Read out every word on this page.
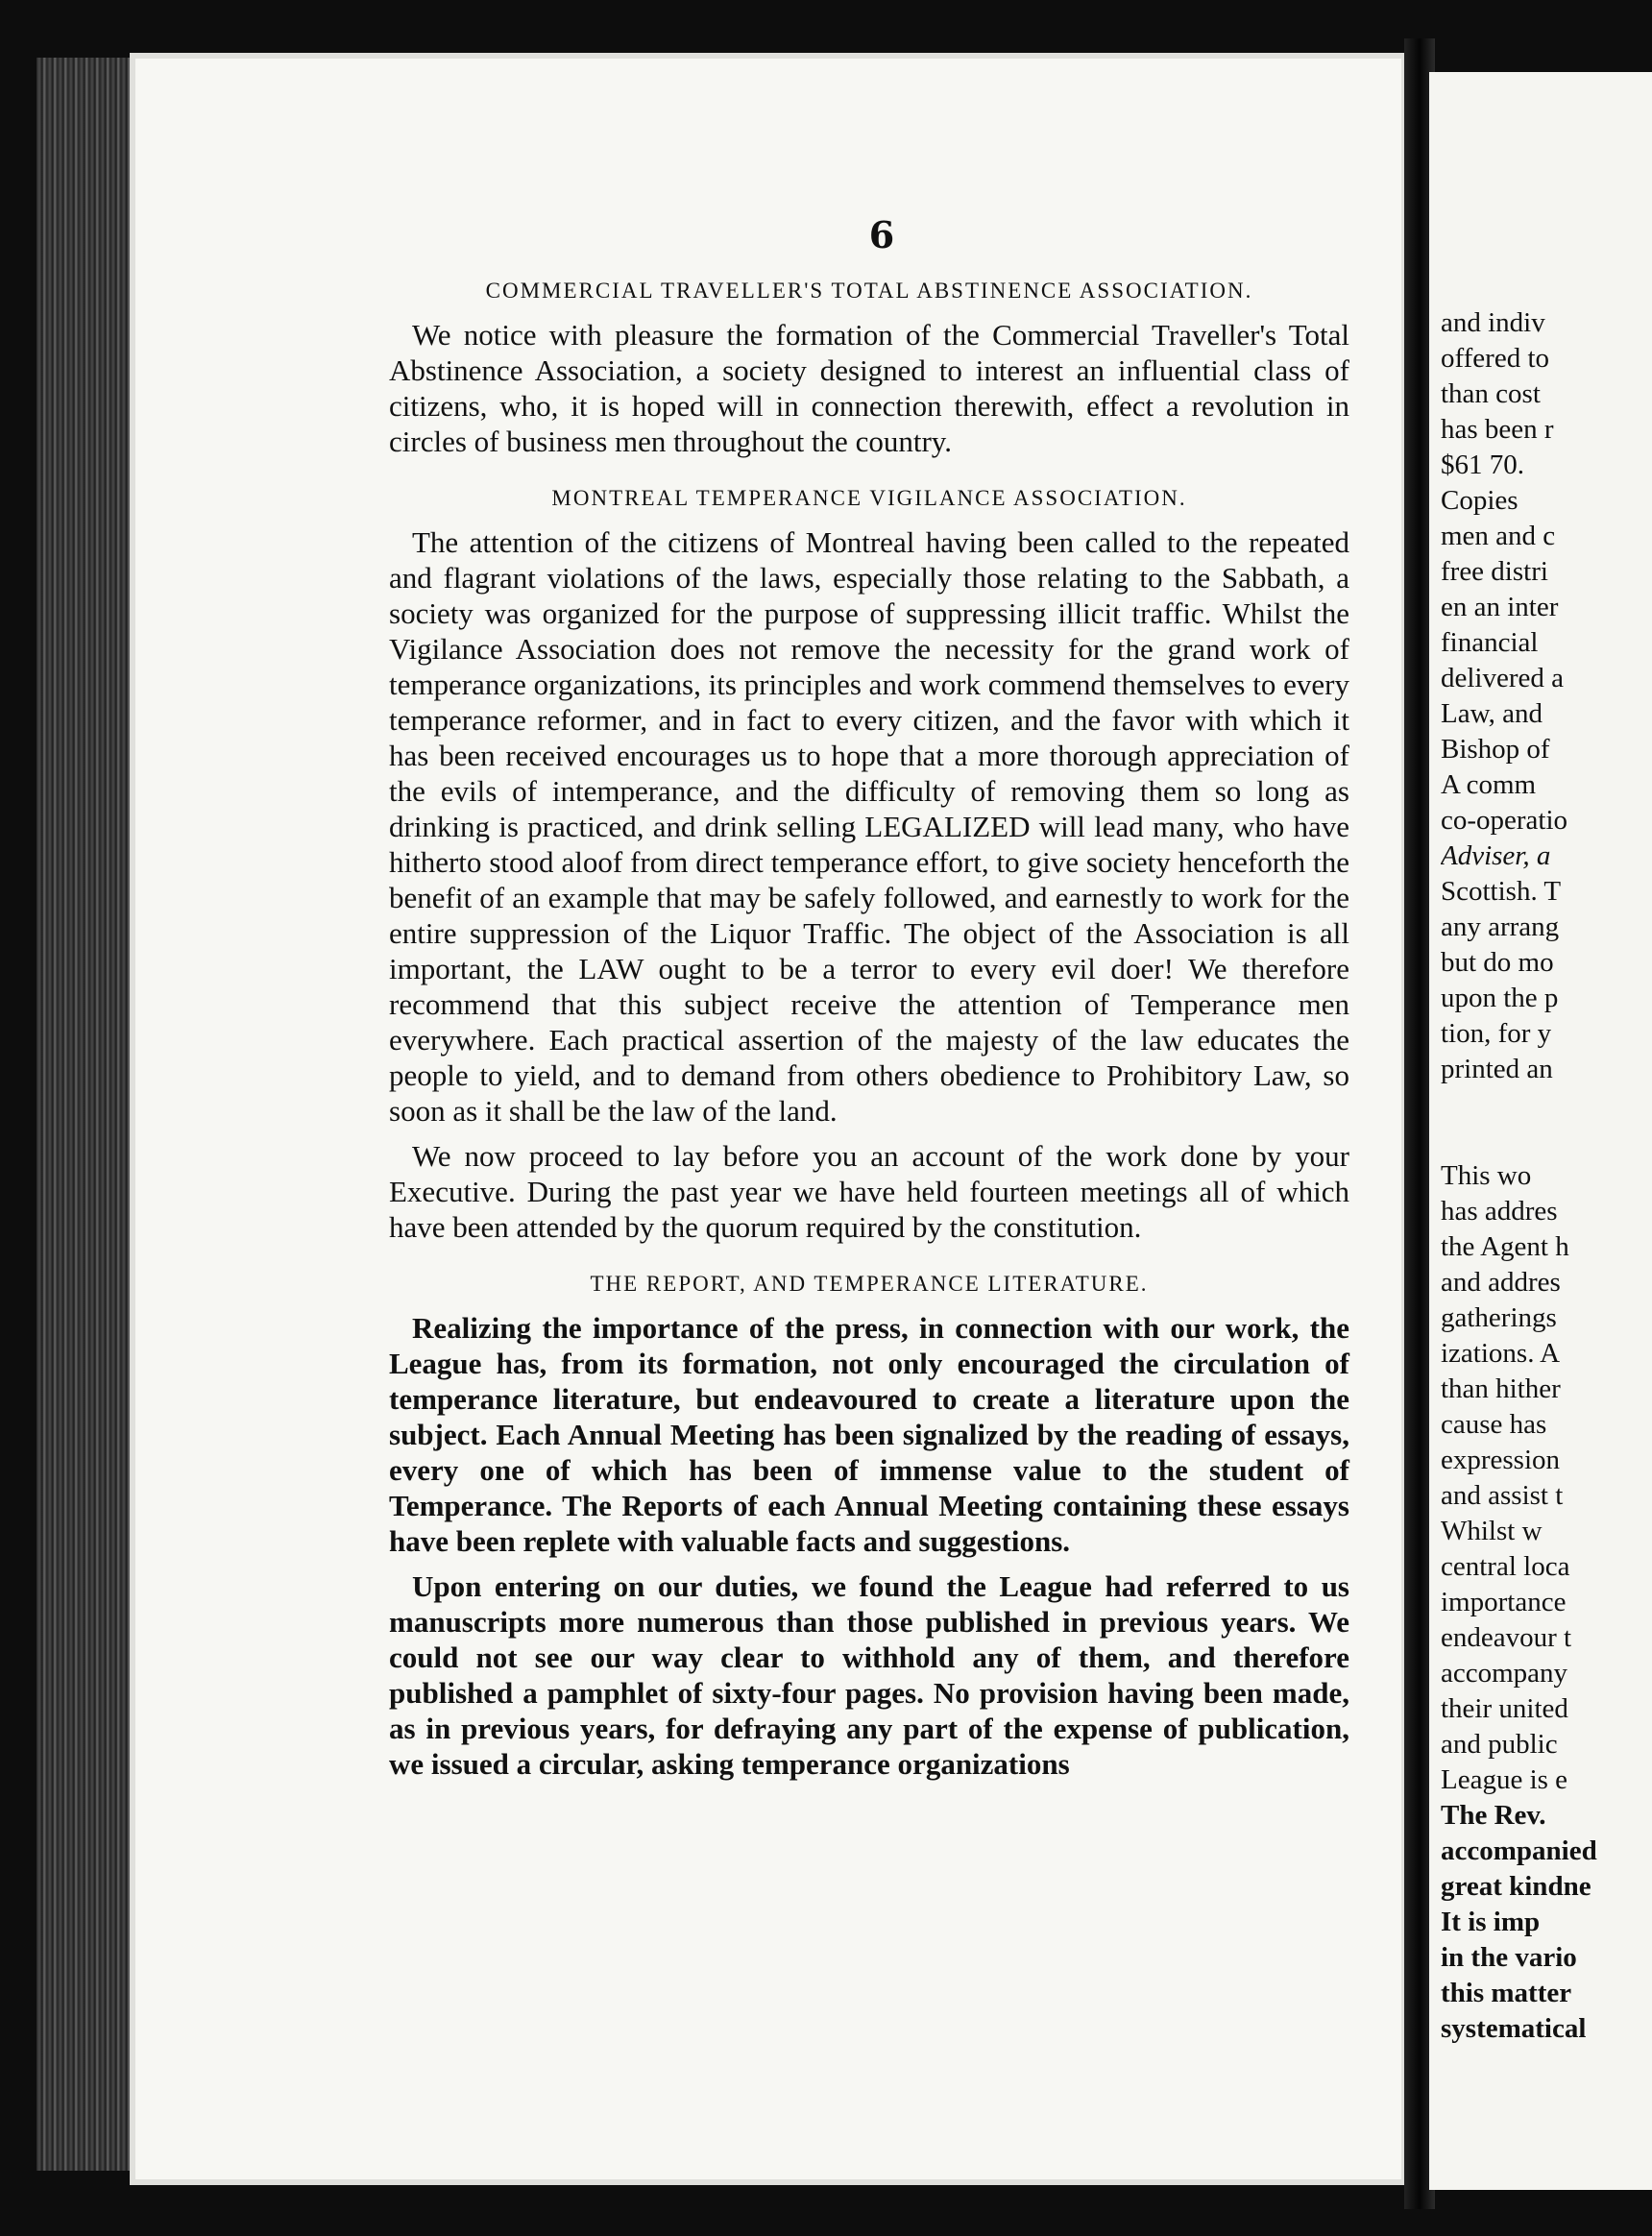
6
COMMERCIAL TRAVELLER'S TOTAL ABSTINENCE ASSOCIATION.

We notice with pleasure the formation of the Commercial Traveller's Total Abstinence Association, a society designed to interest an influential class of citizens, who, it is hoped will in connection therewith, effect a revolution in circles of business men throughout the country.

MONTREAL TEMPERANCE VIGILANCE ASSOCIATION.

The attention of the citizens of Montreal having been called to the repeated and flagrant violations of the laws, especially those relating to the Sabbath, a society was organized for the purpose of suppressing illicit traffic. Whilst the Vigilance Association does not remove the necessity for the grand work of temperance organizations, its principles and work commend themselves to every temperance reformer, and in fact to every citizen, and the favor with which it has been received encourages us to hope that a more thorough appreciation of the evils of intemperance, and the difficulty of removing them so long as drinking is practiced, and drink selling LEGALIZED will lead many, who have hitherto stood aloof from direct temperance effort, to give society henceforth the benefit of an example that may be safely followed, and earnestly to work for the entire suppression of the Liquor Traffic. The object of the Association is all important, the LAW ought to be a terror to every evil doer! We therefore recommend that this subject receive the attention of Temperance men everywhere. Each practical assertion of the majesty of the law educates the people to yield, and to demand from others obedience to Prohibitory Law, so soon as it shall be the law of the land.

We now proceed to lay before you an account of the work done by your Executive. During the past year we have held fourteen meetings all of which have been attended by the quorum required by the constitution.

THE REPORT, AND TEMPERANCE LITERATURE.

Realizing the importance of the press, in connection with our work, the League has, from its formation, not only encouraged the circulation of temperance literature, but endeavoured to create a literature upon the subject. Each Annual Meeting has been signalized by the reading of essays, every one of which has been of immense value to the student of Temperance. The Reports of each Annual Meeting containing these essays have been replete with valuable facts and suggestions.

Upon entering on our duties, we found the League had referred to us manuscripts more numerous than those published in previous years. We could not see our way clear to withhold any of them, and therefore published a pamphlet of sixty-four pages. No provision having been made, as in previous years, for defraying any part of the expense of publication, we issued a circular, asking temperance organizations

and indiv
offered to
than cost
has been r
$61 70.
Copies
men and c
free distri
en an inter
financial
delivered a
Law, and
Bishop of
A comm
co-operatio
Adviser, a
Scottish. T
any arrang
but do mo
upon the p
tion, for y
printed an
This wo
has addres
the Agent h
and addres
gatherings
izations. A
than hither
cause has
expression
and assist t
Whilst w
central loca
importance
endeavour t
accompany
their united
and public
League is e
The Rev.
accompanied
great kindne
It is imp
in the vario
this matter
systematical
